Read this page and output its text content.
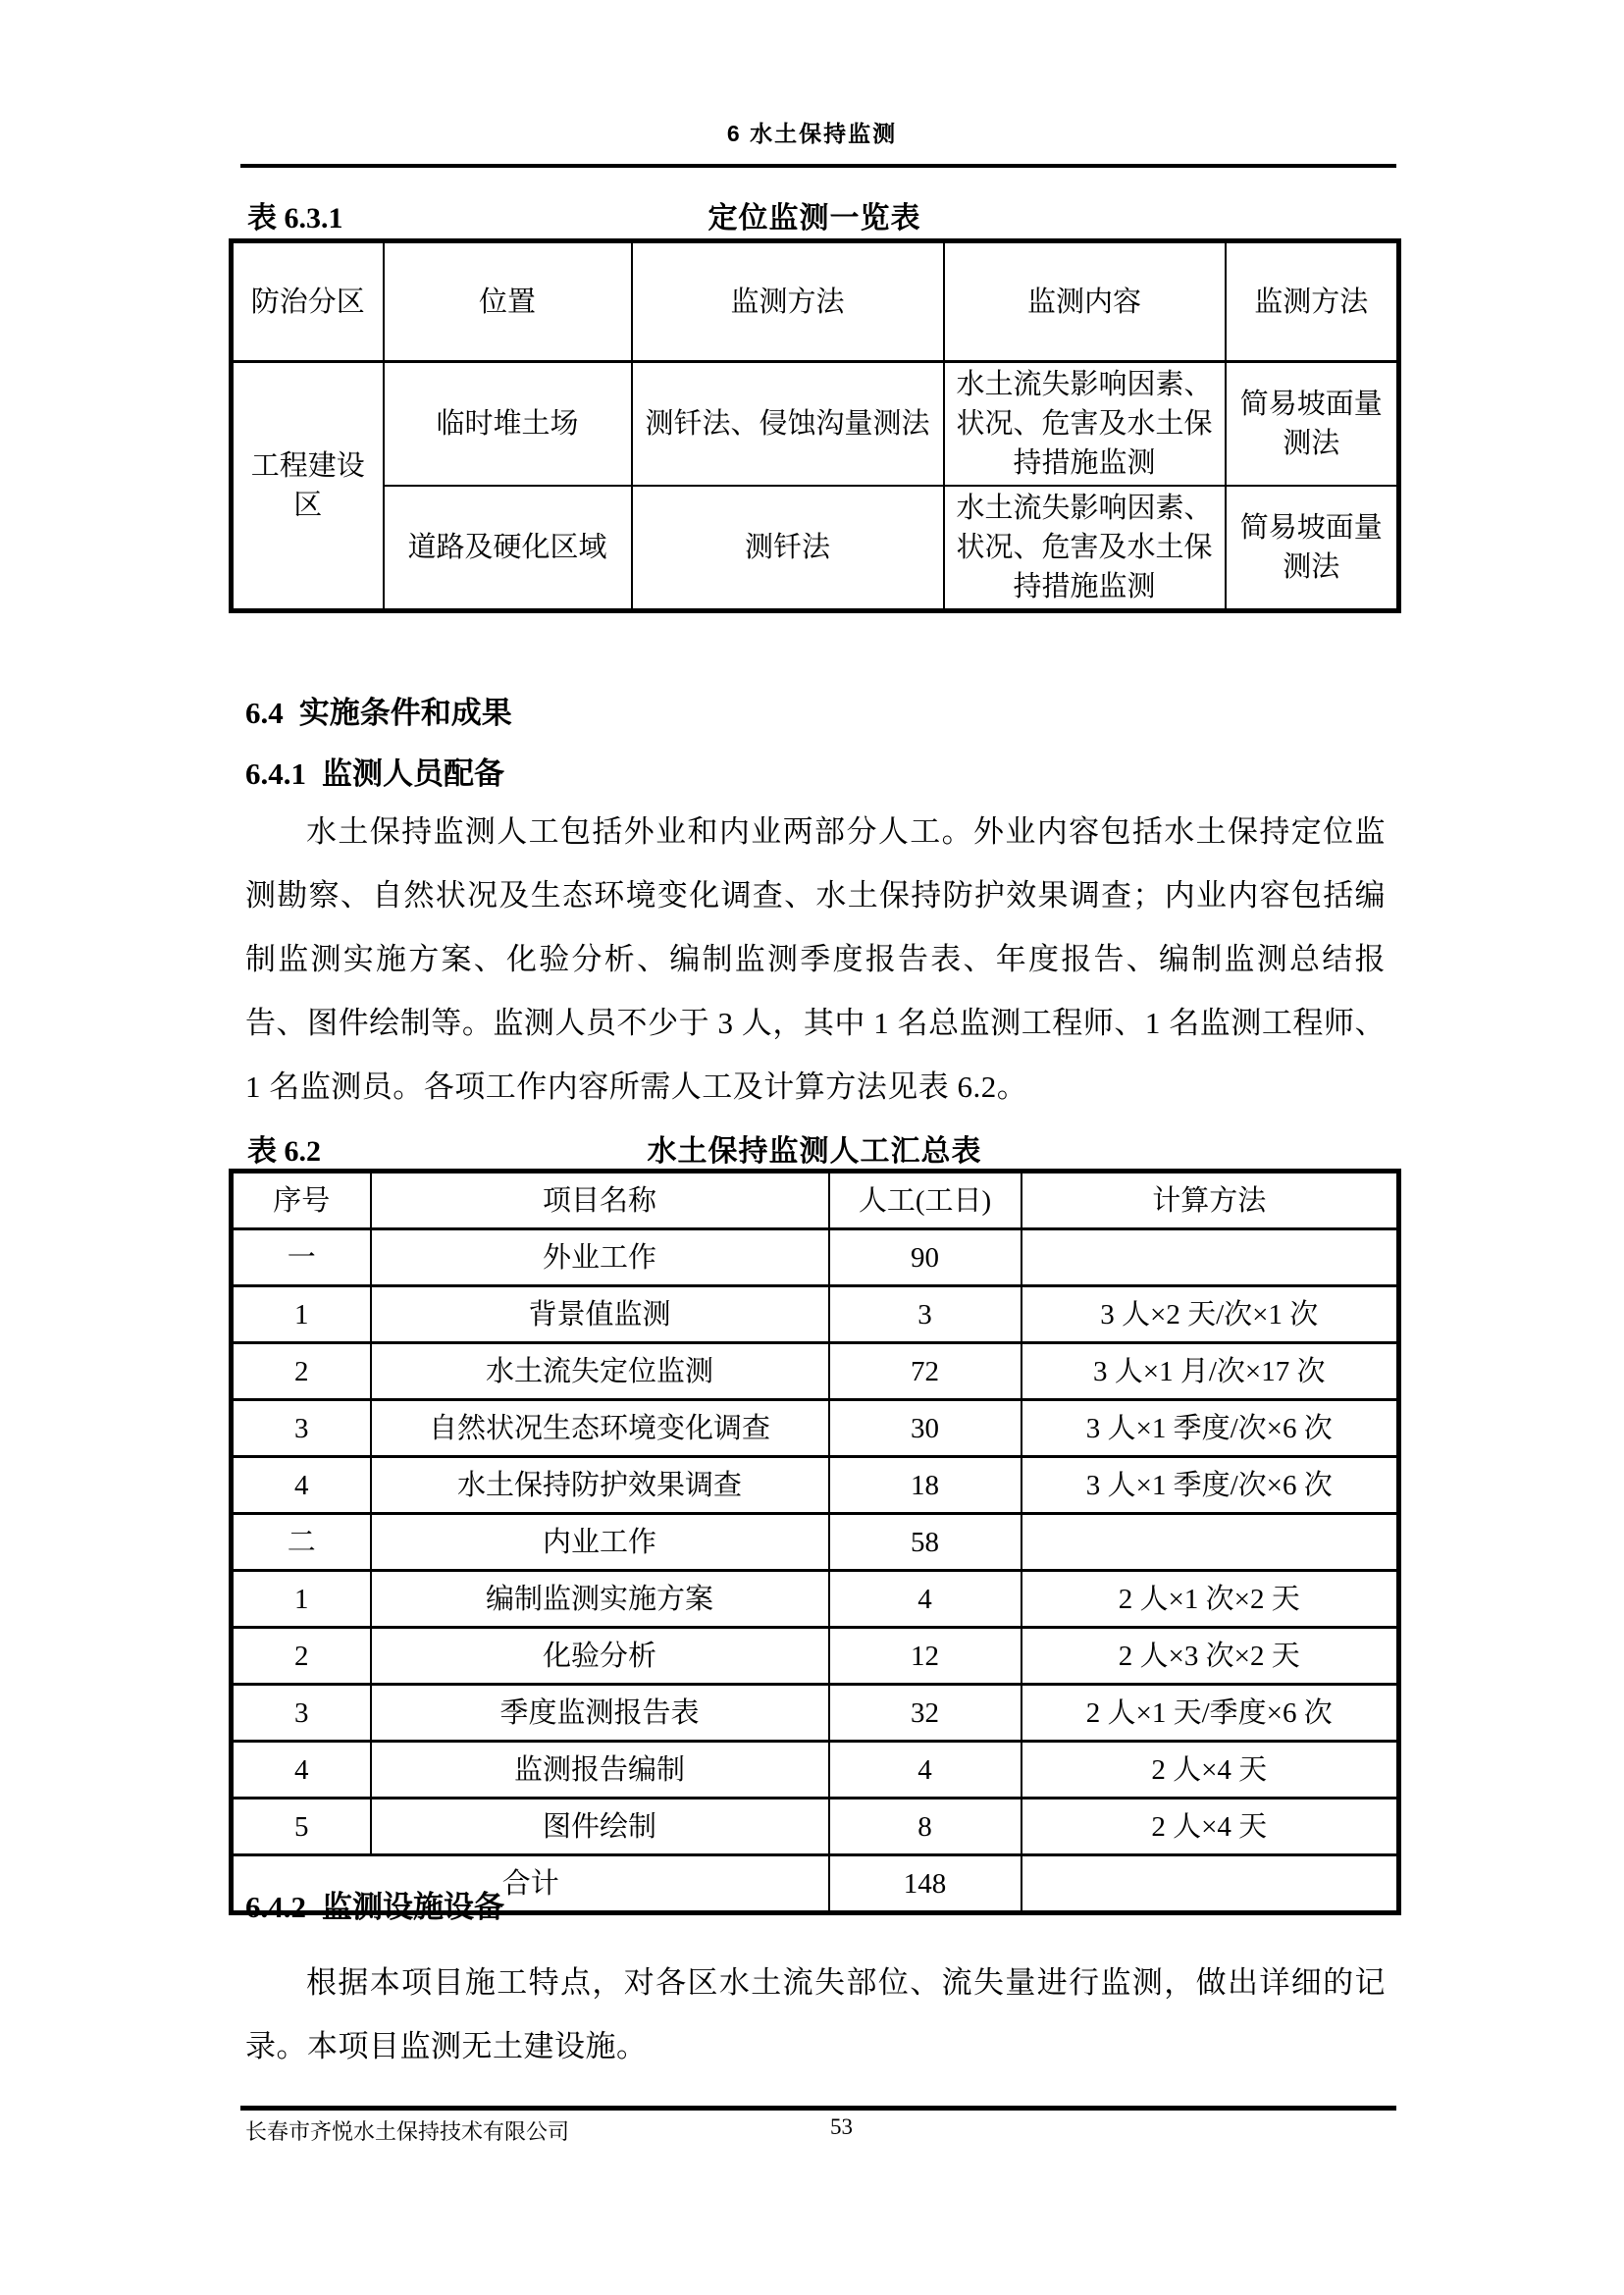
6 水土保持监测
表 6.3.1	定位监测一览表
防治分区	位置	监测方法	监测内容	监测方法
工程建设区	临时堆土场	测钎法、侵蚀沟量测法	水土流失影响因素、状况、危害及水土保持措施监测	简易坡面量测法
	道路及硬化区域	测钎法	水土流失影响因素、状况、危害及水土保持措施监测	简易坡面量测法
6.4 实施条件和成果
6.4.1 监测人员配备
水土保持监测人工包括外业和内业两部分人工。外业内容包括水土保持定位监测勘察、自然状况及生态环境变化调查、水土保持防护效果调查；内业内容包括编制监测实施方案、化验分析、编制监测季度报告表、年度报告、编制监测总结报告、图件绘制等。监测人员不少于 3 人，其中 1 名总监测工程师、1 名监测工程师、1 名监测员。各项工作内容所需人工及计算方法见表 6.2。
表 6.2	水土保持监测人工汇总表
序号	项目名称	人工(工日)	计算方法
一	外业工作	90	
1	背景值监测	3	3 人×2 天/次×1 次
2	水土流失定位监测	72	3 人×1 月/次×17 次
3	自然状况生态环境变化调查	30	3 人×1 季度/次×6 次
4	水土保持防护效果调查	18	3 人×1 季度/次×6 次
二	内业工作	58	
1	编制监测实施方案	4	2 人×1 次×2 天
2	化验分析	12	2 人×3 次×2 天
3	季度监测报告表	32	2 人×1 天/季度×6 次
4	监测报告编制	4	2 人×4 天
5	图件绘制	8	2 人×4 天
合计		148	
6.4.2 监测设施设备
根据本项目施工特点，对各区水土流失部位、流失量进行监测，做出详细的记录。本项目监测无土建设施。
长春市齐悦水土保持技术有限公司	53
